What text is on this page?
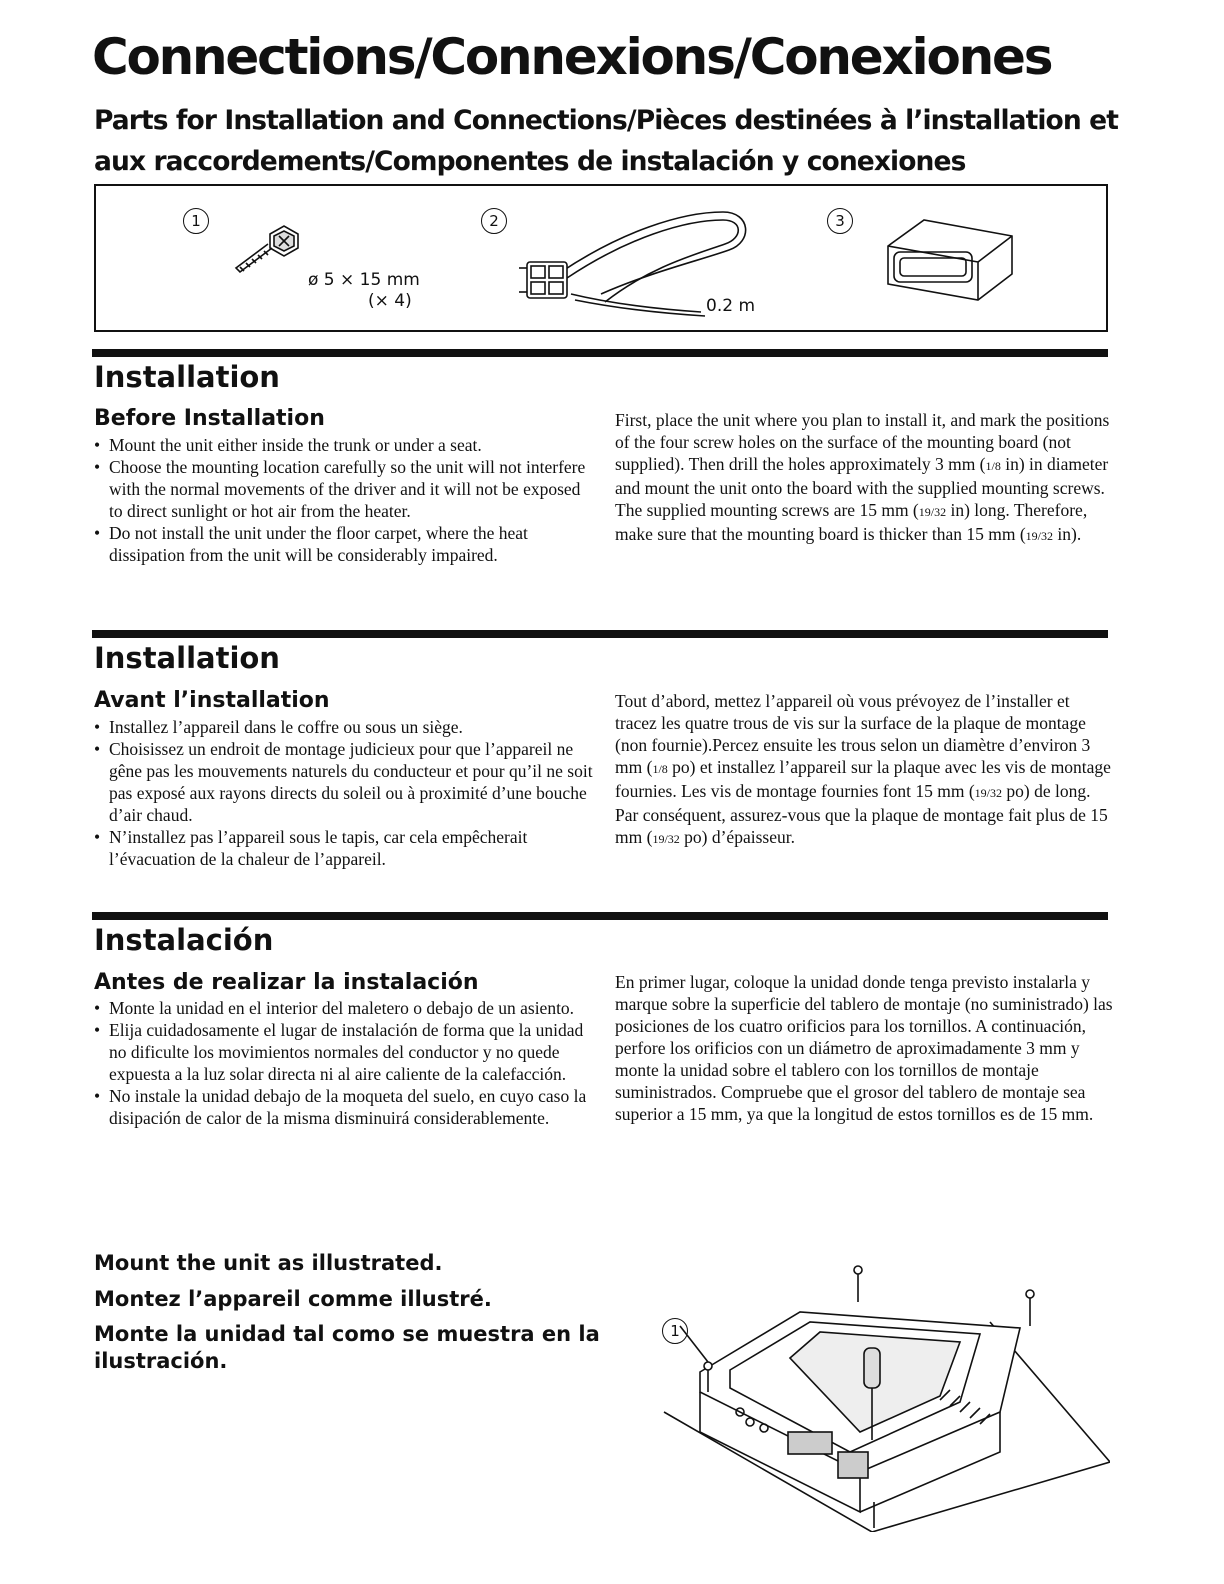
Connections/Connexions/Conexiones
Parts for Installation and Connections/Pièces destinées à l’installation et aux raccordements/Componentes de instalación y conexiones
1
ø 5 × 15 mm
(× 4)
2
0.2 m
3
Installation
Before Installation
• Mount the unit either inside the trunk or under a seat.
• Choose the mounting location carefully so the unit will not interfere with the normal movements of the driver and it will not be exposed to direct sunlight or hot air from the heater.
• Do not install the unit under the floor carpet, where the heat dissipation from the unit will be considerably impaired.

First, place the unit where you plan to install it, and mark the positions of the four screw holes on the surface of the mounting board (not supplied). Then drill the holes approximately 3 mm (1/8 in) in diameter and mount the unit onto the board with the supplied mounting screws. The supplied mounting screws are 15 mm (19/32 in) long. Therefore, make sure that the mounting board is thicker than 15 mm (19/32 in).

Installation
Avant l’installation
• Installez l’appareil dans le coffre ou sous un siège.
• Choisissez un endroit de montage judicieux pour que l’appareil ne gêne pas les mouvements naturels du conducteur et pour qu’il ne soit pas exposé aux rayons directs du soleil ou à proximité d’une bouche d’air chaud.
• N’installez pas l’appareil sous le tapis, car cela empêcherait l’évacuation de la chaleur de l’appareil.

Tout d’abord, mettez l’appareil où vous prévoyez de l’installer et tracez les quatre trous de vis sur la surface de la plaque de montage (non fournie).Percez ensuite les trous selon un diamètre d’environ 3 mm (1/8 po) et installez l’appareil sur la plaque avec les vis de montage fournies. Les vis de montage fournies font 15 mm (19/32 po) de long. Par conséquent, assurez-vous que la plaque de montage fait plus de 15 mm (19/32 po) d’épaisseur.

Instalación
Antes de realizar la instalación
• Monte la unidad en el interior del maletero o debajo de un asiento.
• Elija cuidadosamente el lugar de instalación de forma que la unidad no dificulte los movimientos normales del conductor y no quede expuesta a la luz solar directa ni al aire caliente de la calefacción.
• No instale la unidad debajo de la moqueta del suelo, en cuyo caso la disipación de calor de la misma disminuirá considerablemente.

En primer lugar, coloque la unidad donde tenga previsto instalarla y marque sobre la superficie del tablero de montaje (no suministrado) las posiciones de los cuatro orificios para los tornillos. A continuación, perfore los orificios con un diámetro de aproximadamente 3 mm y monte la unidad sobre el tablero con los tornillos de montaje suministrados. Compruebe que el grosor del tablero de montaje sea superior a 15 mm, ya que la longitud de estos tornillos es de 15 mm.

Mount the unit as illustrated.

Montez l’appareil comme illustré.

Monte la unidad tal como se muestra en la ilustración.

1
